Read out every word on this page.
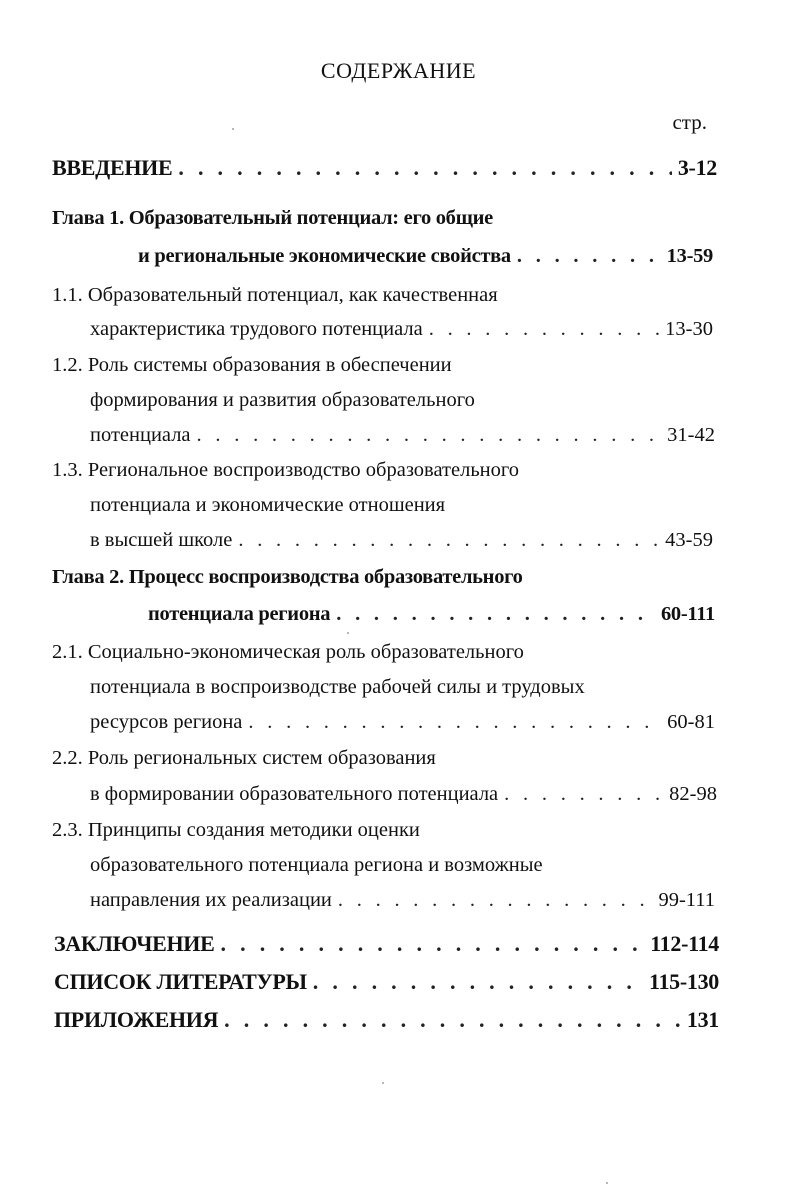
СОДЕРЖАНИЕ
стр.
ВВЕДЕНИЕ . . .	3-12
Глава 1. Образовательный потенциал: его общие
и региональные экономические свойства . . .	13-59
1.1. Образовательный потенциал, как качественная
характеристика трудового потенциала . . .	13-30
1.2. Роль системы образования в обеспечении
формирования и развития образовательного
потенциала . . .	31-42
1.3. Региональное воспроизводство образовательного
потенциала и экономические отношения
в высшей школе . . .	43-59
Глава 2. Процесс воспроизводства образовательного
потенциала региона . . .	60-111
2.1. Социально-экономическая роль образовательного
потенциала в воспроизводстве рабочей силы и трудовых
ресурсов региона . . .	60-81
2.2. Роль региональных систем образования
в формировании образовательного потенциала . . .	82-98
2.3. Принципы создания методики оценки
образовательного потенциала региона и возможные
направления их реализации . . .	99-111
ЗАКЛЮЧЕНИЕ . . .	112-114
СПИСОК ЛИТЕРАТУРЫ . . .	115-130
ПРИЛОЖЕНИЯ . . .	131
